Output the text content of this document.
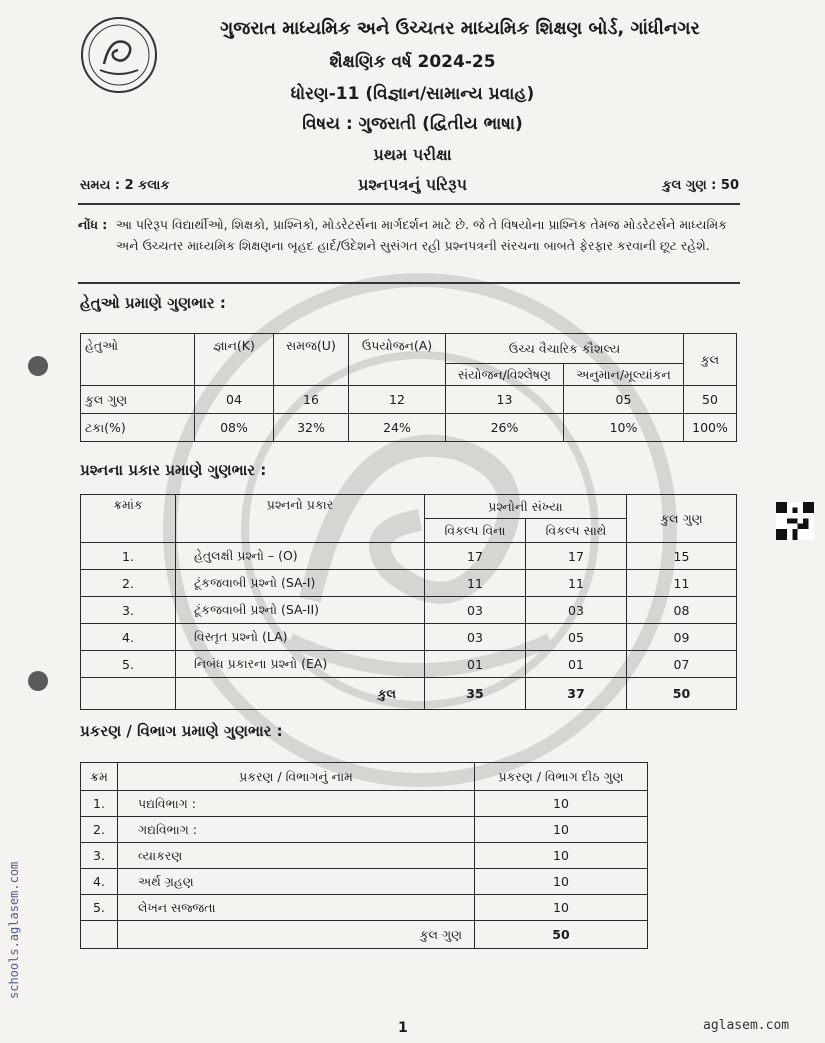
ગુજરાત માધ્યમિક અને ઉચ્ચતર માધ્યમિક શિક્ષણ બોર્ડ, ગાંધીનગર
શૈક્ષણિક વર્ષ 2024-25
ધોરણ-11 (વિજ્ઞાન/સામાન્ય પ્રવાહ)
વિષય : ગુજરાતી (દ્વિતીય ભાષા)
પ્રથમ પરીક્ષા
સમય : 2 કલાક	પ્રશ્નપત્રનું પરિરૂપ	કુલ ગુણ : 50
નોંધ : આ પરિરૂપ વિદ્યાર્થીઓ, શિક્ષકો, પ્રાશ્નિકો, મોડરેટર્સના માર્ગદર્શન માટે છે. જે તે વિષયોના પ્રાશ્નિક તેમજ મોડરેટર્સને માધ્યમિક અને ઉચ્ચતર માધ્યમિક શિક્ષણના બૃહદ હાર્દ/ઉદેશને સુસંગત રહી પ્રશ્નપત્રની સંરચના બાબતે ફેરફાર કરવાની છૂટ રહેશે.
હેતુઓ પ્રમાણે ગુણભાર :
હેતુઓ	જ્ઞાન(K)	સમજ(U)	ઉપયોજન(A)	ઉચ્ચ વૈચારિક કૌશલ્ય		કુલ
				સંયોજન/વિશ્લેષણ	અનુમાન/મૂલ્યાંકન	
કુલ ગુણ	04	16	12	13	05	50
ટકા(%)	08%	32%	24%	26%	10%	100%
પ્રશ્નના પ્રકાર પ્રમાણે ગુણભાર :
ક્રમાંક	પ્રશ્નનો પ્રકાર	પ્રશ્નોની સંખ્યા		કુલ ગુણ
		વિકલ્પ વિના	વિકલ્પ સાથે	
1.	હેતુલક્ષી પ્રશ્નો – (O)	17	17	15
2.	ટૂંકજવાબી પ્રશ્નો (SA-I)	11	11	11
3.	ટૂંકજવાબી પ્રશ્નો (SA-II)	03	03	08
4.	વિસ્તૃત પ્રશ્નો (LA)	03	05	09
5.	નિબંધ પ્રકારના પ્રશ્નો (EA)	01	01	07
	કુલ	35	37	50
પ્રકરણ / વિભાગ પ્રમાણે ગુણભાર :
ક્રમ	પ્રકરણ / વિભાગનું નામ	પ્રકરણ / વિભાગ દીઠ ગુણ
1.	પદ્યવિભાગ :	10
2.	ગદ્યવિભાગ :	10
3.	વ્યાકરણ	10
4.	અર્થ ગ્રહણ	10
5.	લેખન સજ્જતા	10
	કુલ ગુણ	50
schools.aglasem.com
1	aglasem.com
